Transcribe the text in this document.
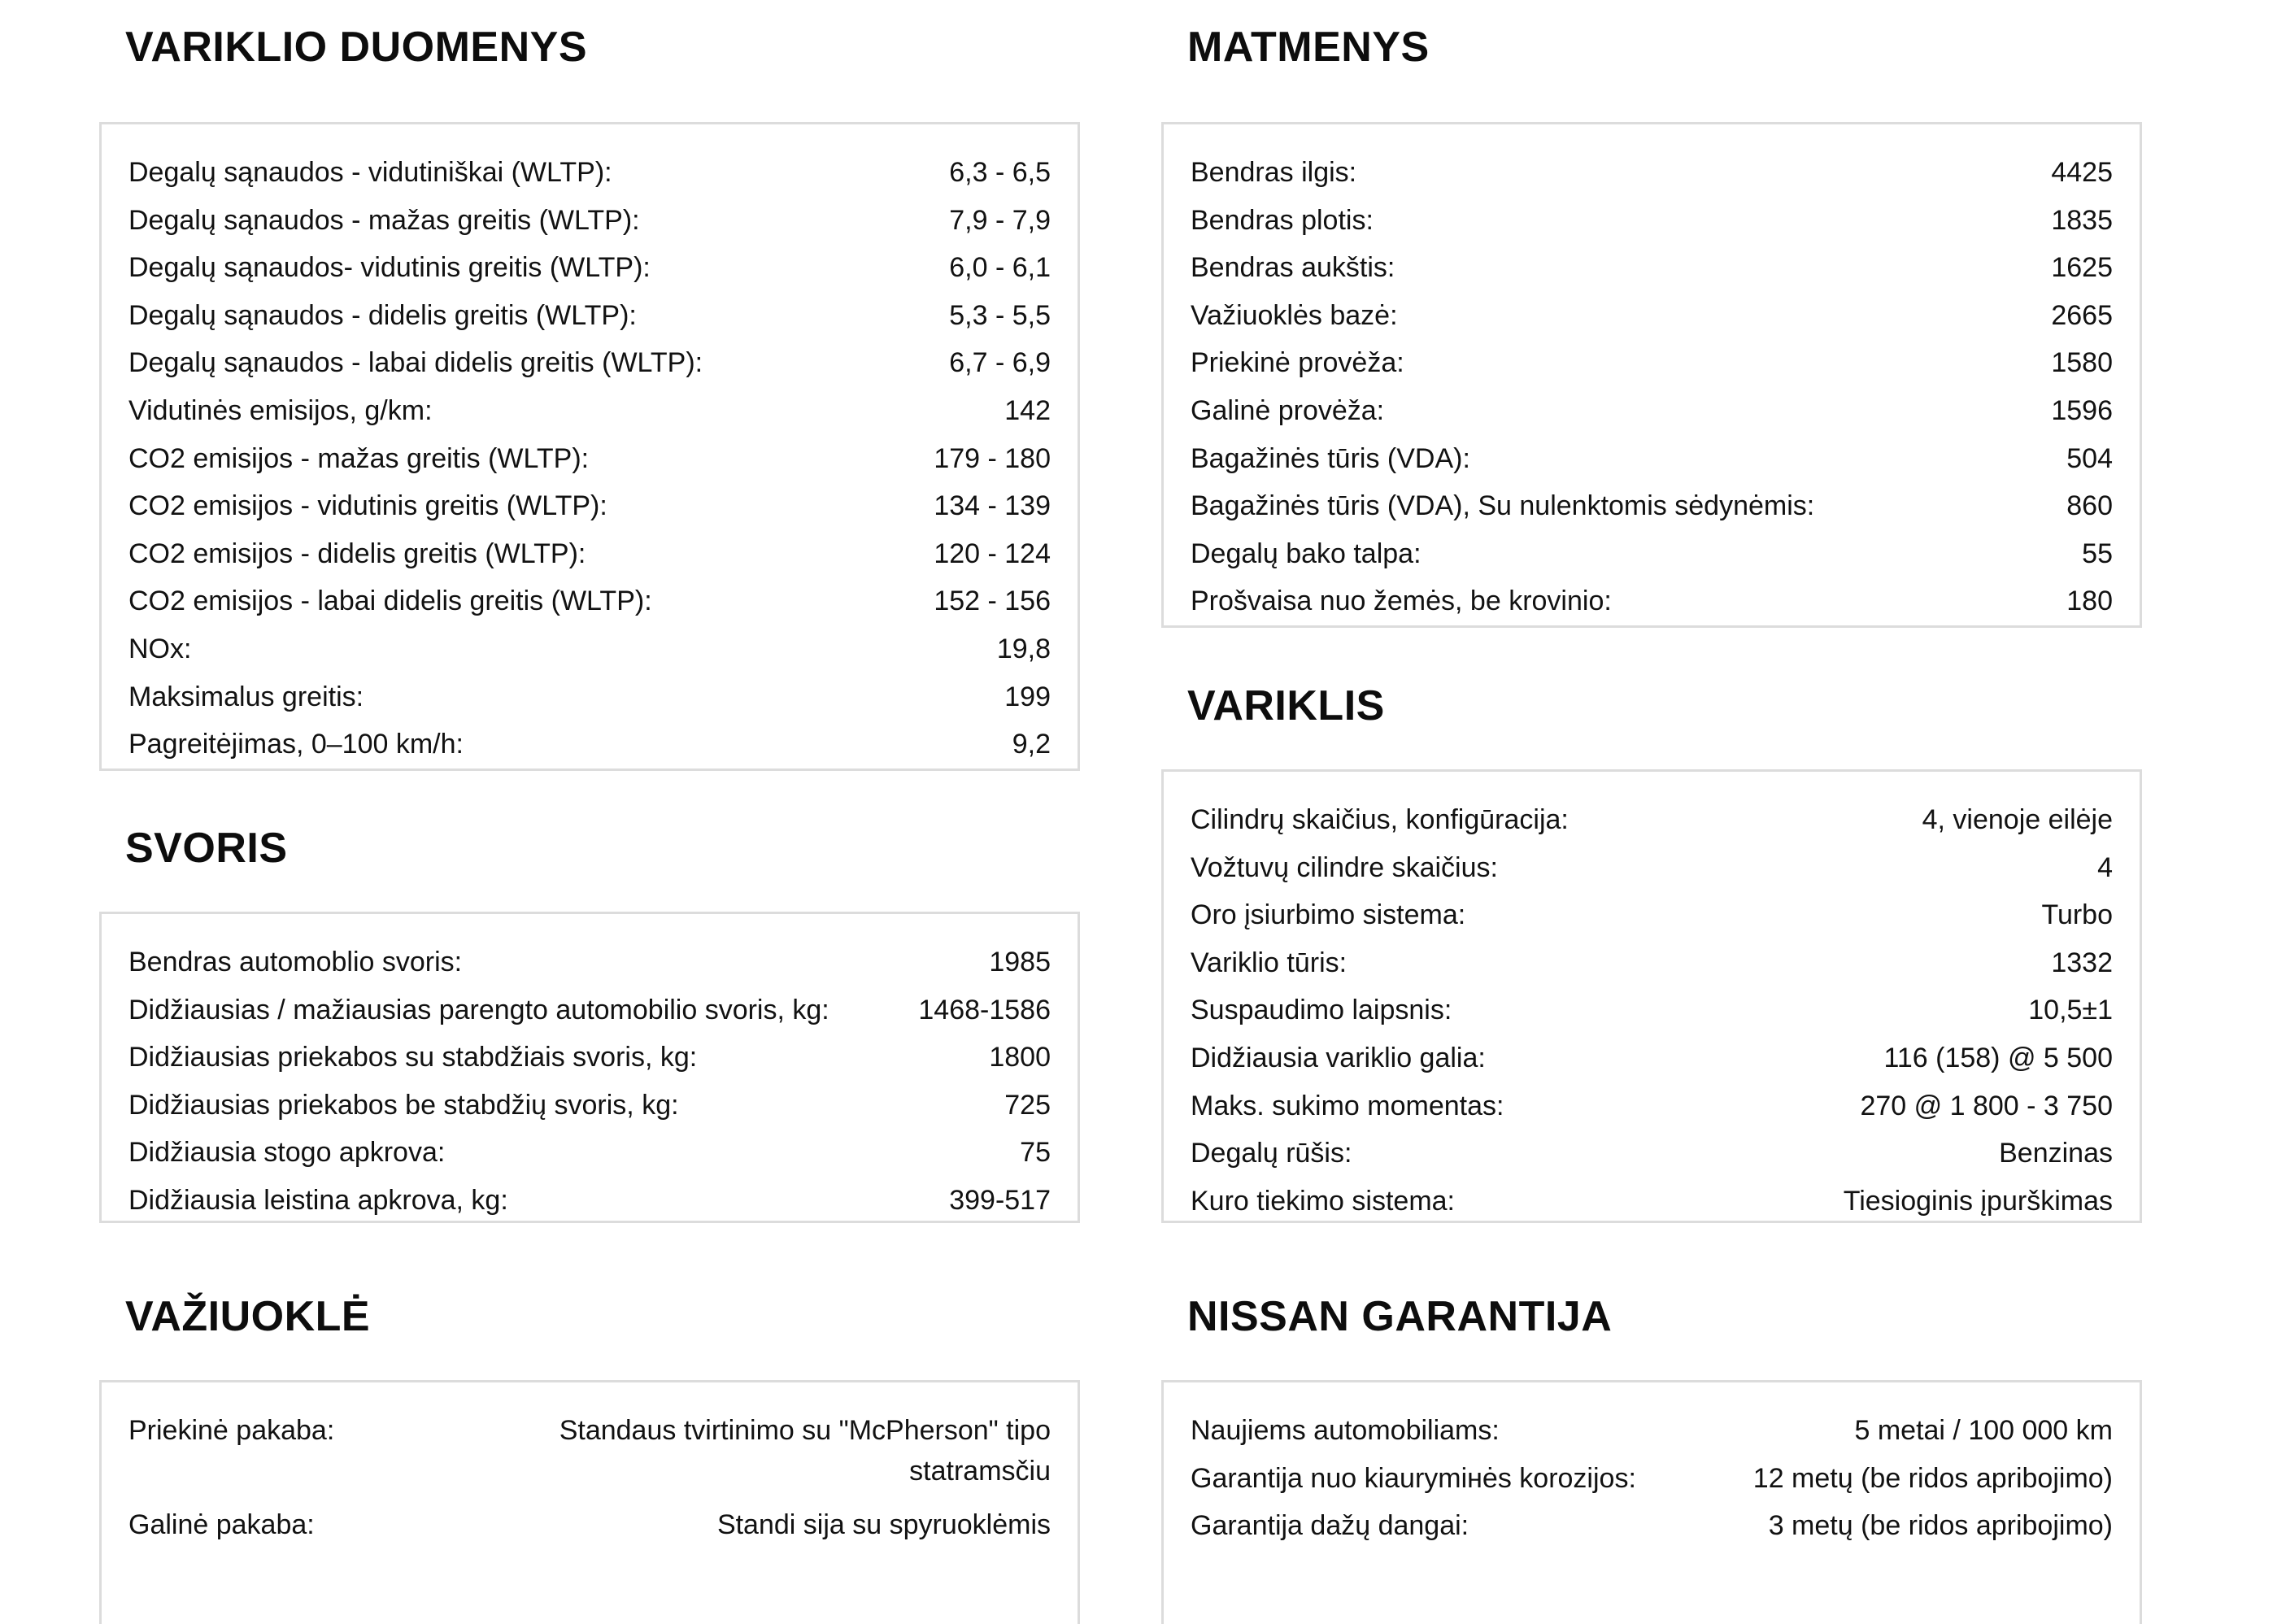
VARIKLIO DUOMENYS
Degalų sąnaudos - vidutiniškai (WLTP):	6,3 - 6,5
Degalų sąnaudos - mažas greitis (WLTP):	7,9 - 7,9
Degalų sąnaudos- vidutinis greitis (WLTP):	6,0 - 6,1
Degalų sąnaudos - didelis greitis (WLTP):	5,3 - 5,5
Degalų sąnaudos - labai didelis greitis (WLTP):	6,7 - 6,9
Vidutinės emisijos, g/km:	142
CO2 emisijos - mažas greitis (WLTP):	179 - 180
CO2 emisijos - vidutinis greitis (WLTP):	134 - 139
CO2 emisijos - didelis greitis (WLTP):	120 - 124
CO2 emisijos - labai didelis greitis (WLTP):	152 - 156
NOx:	19,8
Maksimalus greitis:	199
Pagreitėjimas, 0–100 km/h:	9,2
SVORIS
Bendras automoblio svoris:	1985
Didžiausias / mažiausias parengto automobilio svoris, kg:	1468-1586
Didžiausias priekabos su stabdžiais svoris, kg:	1800
Didžiausias priekabos be stabdžių svoris, kg:	725
Didžiausia stogo apkrova:	75
Didžiausia leistina apkrova, kg:	399-517
VAŽIUOKLĖ
Priekinė pakaba:	Standaus tvirtinimo su "McPherson" tipo statramsčiu
Galinė pakaba:	Standi sija su spyruoklėmis
MATMENYS
Bendras ilgis:	4425
Bendras plotis:	1835
Bendras aukštis:	1625
Važiuoklės bazė:	2665
Priekinė provėža:	1580
Galinė provėža:	1596
Bagažinės tūris (VDA):	504
Bagažinės tūris (VDA), Su nulenktomis sėdynėmis:	860
Degalų bako talpa:	55
Prošvaisa nuo žemės, be krovinio:	180
VARIKLIS
Cilindrų skaičius, konfigūracija:	4, vienoje eilėje
Vožtuvų cilindre skaičius:	4
Oro įsiurbimo sistema:	Turbo
Variklio tūris:	1332
Suspaudimo laipsnis:	10,5±1
Didžiausia variklio galia:	116 (158) @ 5 500
Maks. sukimo momentas:	270 @ 1 800 - 3 750
Degalų rūšis:	Benzinas
Kuro tiekimo sistema:	Tiesioginis įpurškimas
NISSAN GARANTIJA
Naujiems automobiliams:	5 metai / 100 000 km
Garantija nuo kiaurymінės korozijos:	12 metų (be ridos apribojimo)
Garantija dažų dangai:	3 metų (be ridos apribojimo)
